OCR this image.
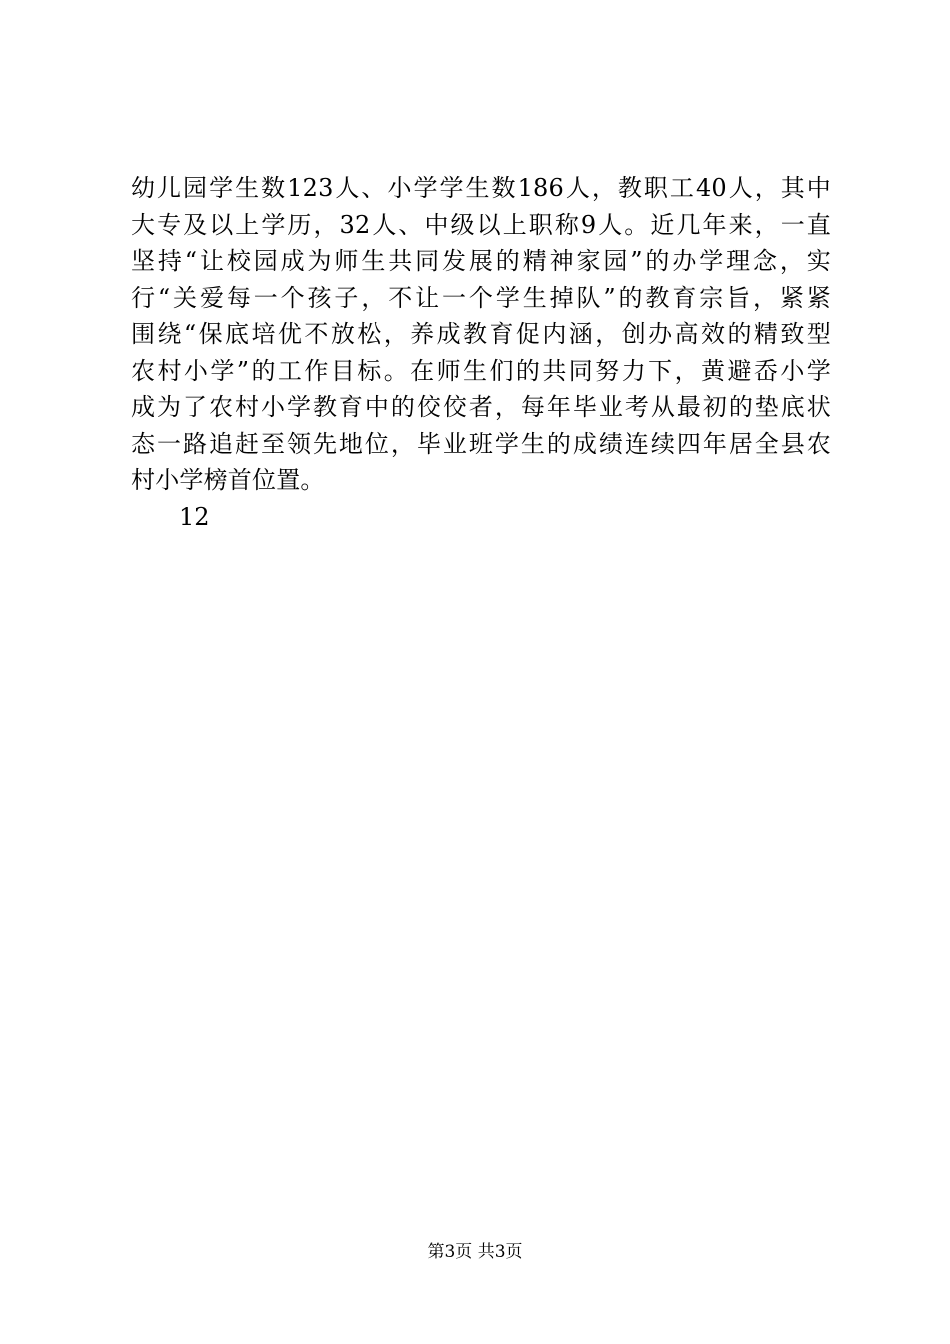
幼儿园学生数123人、小学学生数186人，教职工40人，其中
大专及以上学历，32人、中级以上职称9人。近几年来，一直
坚持“让校园成为师生共同发展的精神家园”的办学理念，实
行“关爱每一个孩子，不让一个学生掉队”的教育宗旨，紧紧
围绕“保底培优不放松，养成教育促内涵，创办高效的精致型
农村小学”的工作目标。在师生们的共同努力下，黄避岙小学
成为了农村小学教育中的佼佼者，每年毕业考从最初的垫底状
态一路追赶至领先地位，毕业班学生的成绩连续四年居全县农
村小学榜首位置。
12
第3页 共3页
